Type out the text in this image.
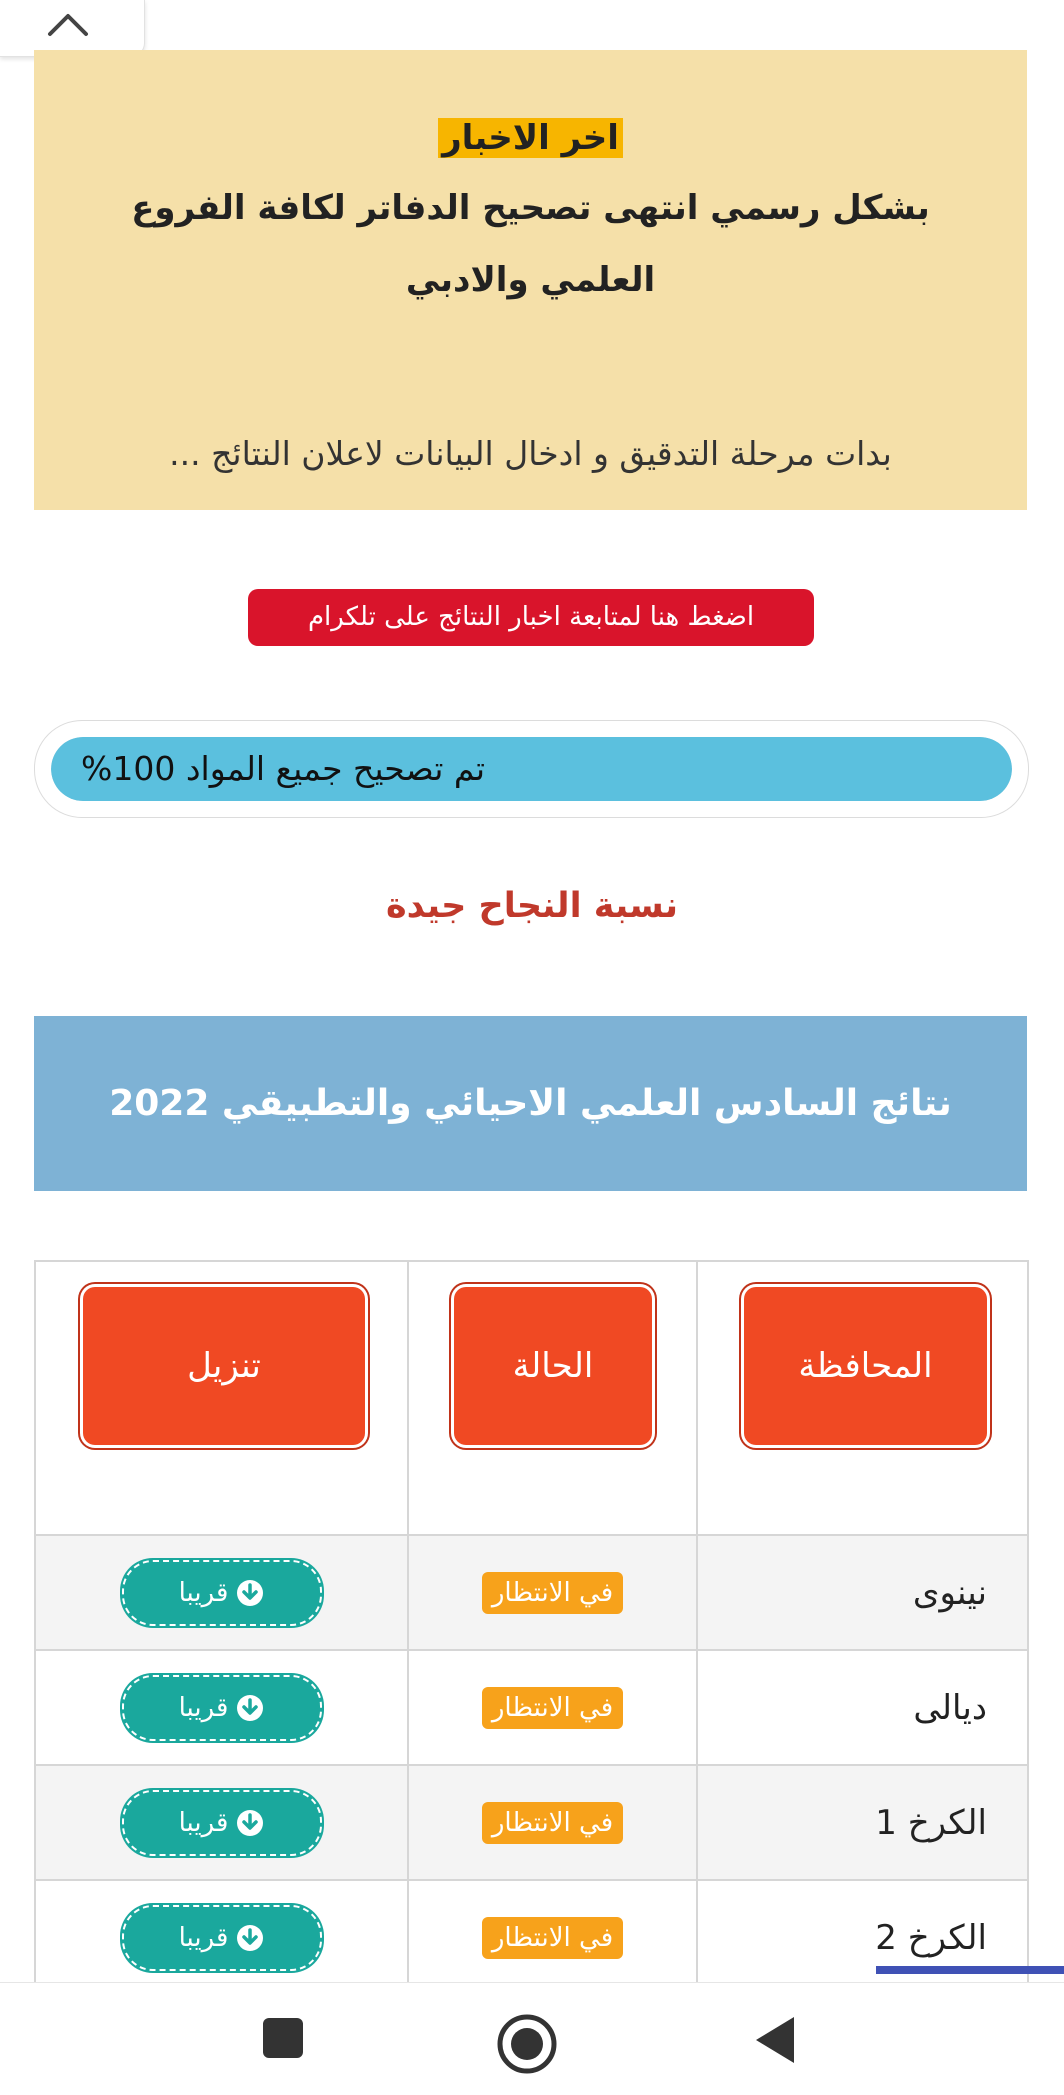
اخر الاخبار
بشكل رسمي انتهى تصحيح الدفاتر لكافة الفروع العلمي والادبي
بدات مرحلة التدقيق و ادخال البيانات لاعلان النتائج ...
اضغط هنا لمتابعة اخبار النتائج على تلكرام
تم تصحيح جميع المواد 100%
نسبة النجاح جيدة
نتائج السادس العلمي الاحيائي والتطبيقي 2022
المحافظة	الحالة	تنزيل

نينوى	في الانتظار	قريبا
ديالى	في الانتظار	قريبا
الكرخ 1	في الانتظار	قريبا
الكرخ 2	في الانتظار	قريبا
